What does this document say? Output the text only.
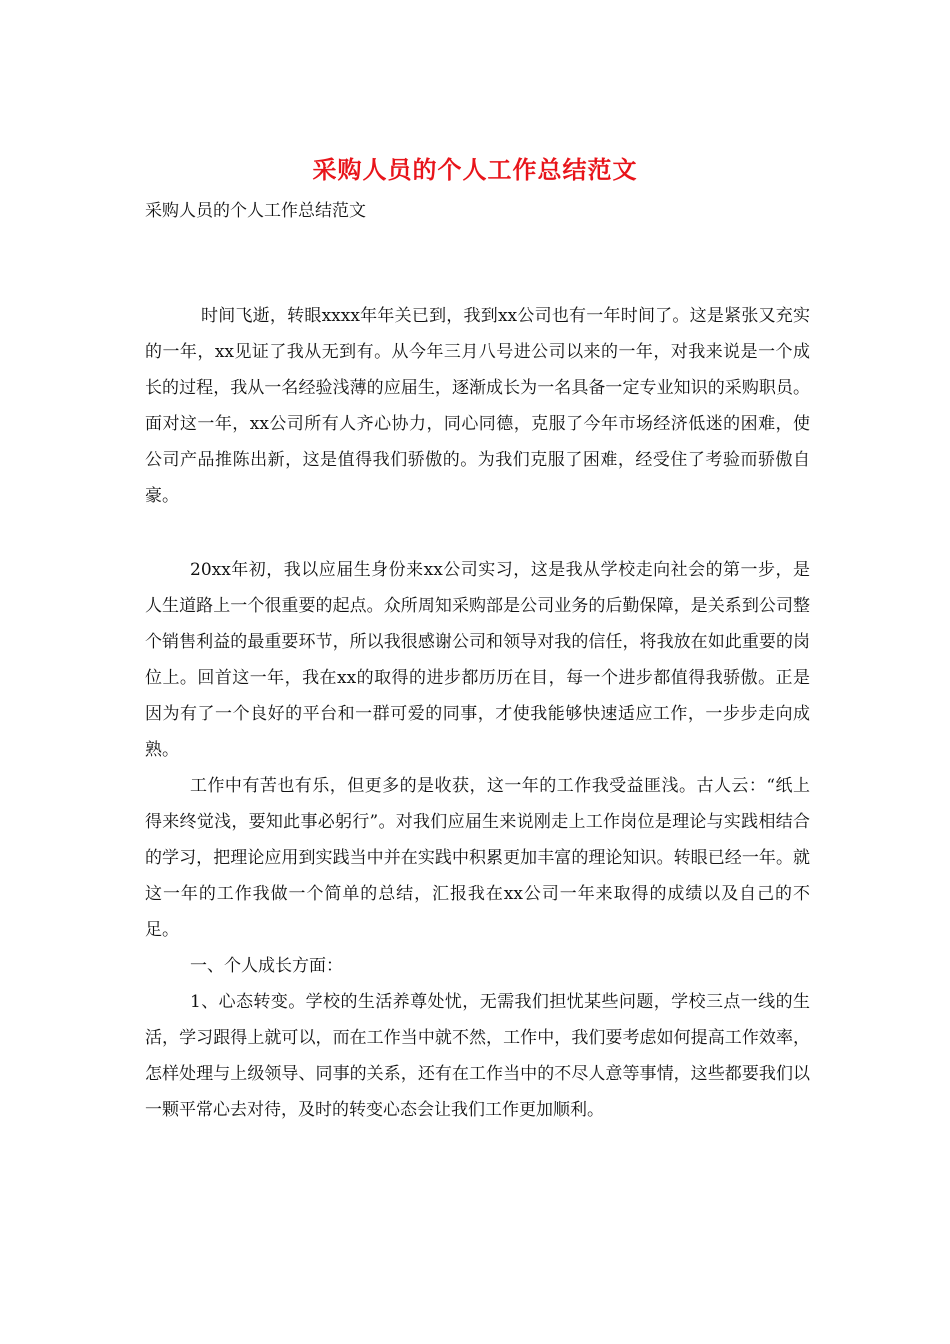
采购人员的个人工作总结范文
采购人员的个人工作总结范文

时间飞逝，转眼xxxx年年关已到，我到xx公司也有一年时间了。这是紧张又充实的一年，xx见证了我从无到有。从今年三月八号进公司以来的一年，对我来说是一个成长的过程，我从一名经验浅薄的应届生，逐渐成长为一名具备一定专业知识的采购职员。面对这一年，xx公司所有人齐心协力，同心同德，克服了今年市场经济低迷的困难，使公司产品推陈出新，这是值得我们骄傲的。为我们克服了困难，经受住了考验而骄傲自豪。

20xx年初，我以应届生身份来xx公司实习，这是我从学校走向社会的第一步，是人生道路上一个很重要的起点。众所周知采购部是公司业务的后勤保障，是关系到公司整个销售利益的最重要环节，所以我很感谢公司和领导对我的信任，将我放在如此重要的岗位上。回首这一年，我在xx的取得的进步都历历在目，每一个进步都值得我骄傲。正是因为有了一个良好的平台和一群可爱的同事，才使我能够快速适应工作，一步步走向成熟。

工作中有苦也有乐，但更多的是收获，这一年的工作我受益匪浅。古人云：“纸上得来终觉浅，要知此事必躬行”。对我们应届生来说刚走上工作岗位是理论与实践相结合的学习，把理论应用到实践当中并在实践中积累更加丰富的理论知识。转眼已经一年。就这一年的工作我做一个简单的总结，汇报我在xx公司一年来取得的成绩以及自己的不足。

一、个人成长方面：

1、心态转变。学校的生活养尊处忧，无需我们担忧某些问题，学校三点一线的生活，学习跟得上就可以，而在工作当中就不然，工作中，我们要考虑如何提高工作效率，怎样处理与上级领导、同事的关系，还有在工作当中的不尽人意等事情，这些都要我们以一颗平常心去对待，及时的转变心态会让我们工作更加顺利。
